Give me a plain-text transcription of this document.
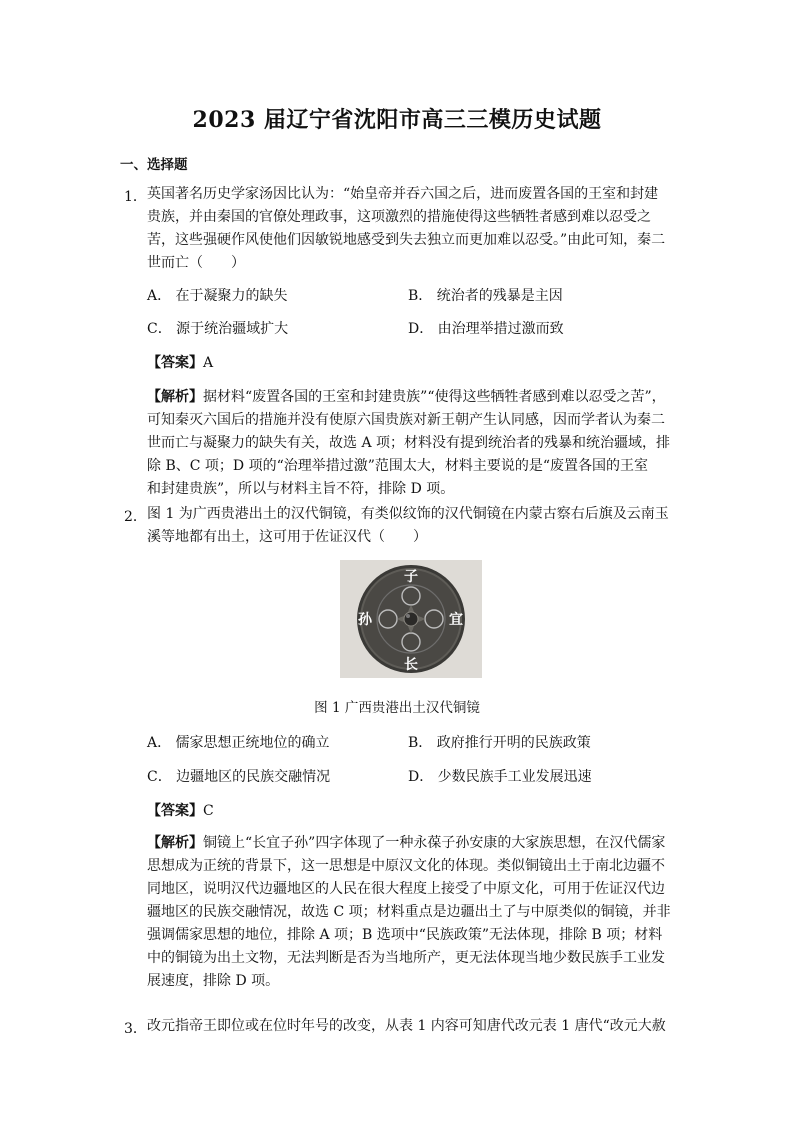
2023 届辽宁省沈阳市高三三模历史试题
一、选择题
1． 英国著名历史学家汤因比认为：“始皇帝并吞六国之后，进而废置各国的王室和封建
贵族，并由秦国的官僚处理政事，这项激烈的措施使得这些牺牲者感到难以忍受之
苦，这些强硬作风使他们因敏锐地感受到失去独立而更加难以忍受。”由此可知，秦二
世而亡（　　）
A． 在于凝聚力的缺失	B． 统治者的残暴是主因
C． 源于统治疆域扩大	D． 由治理举措过激而致
【答案】A
【解析】据材料“废置各国的王室和封建贵族”“使得这些牺牲者感到难以忍受之苦”，
可知秦灭六国后的措施并没有使原六国贵族对新王朝产生认同感，因而学者认为秦二
世而亡与凝聚力的缺失有关，故选 A 项；材料没有提到统治者的残暴和统治疆域，排
除 B、C 项；D 项的“治理举措过激”范围太大，材料主要说的是“废置各国的王室
和封建贵族”，所以与材料主旨不符，排除 D 项。
2． 图 1 为广西贵港出土的汉代铜镜，有类似纹饰的汉代铜镜在内蒙古察右后旗及云南玉
溪等地都有出土，这可用于佐证汉代（　　）
子
孙	宜
长
图 1 广西贵港出土汉代铜镜
A． 儒家思想正统地位的确立	B． 政府推行开明的民族政策
C． 边疆地区的民族交融情况	D． 少数民族手工业发展迅速
【答案】C
【解析】铜镜上“长宜子孙”四字体现了一种永葆子孙安康的大家族思想，在汉代儒家
思想成为正统的背景下，这一思想是中原汉文化的体现。类似铜镜出土于南北边疆不
同地区，说明汉代边疆地区的人民在很大程度上接受了中原文化，可用于佐证汉代边
疆地区的民族交融情况，故选 C 项；材料重点是边疆出土了与中原类似的铜镜，并非
强调儒家思想的地位，排除 A 项；B 选项中“民族政策”无法体现，排除 B 项；材料
中的铜镜为出土文物，无法判断是否为当地所产，更无法体现当地少数民族手工业发
展速度，排除 D 项。
3． 改元指帝王即位或在位时年号的改变，从表 1 内容可知唐代改元表 1 唐代“改元大赦
